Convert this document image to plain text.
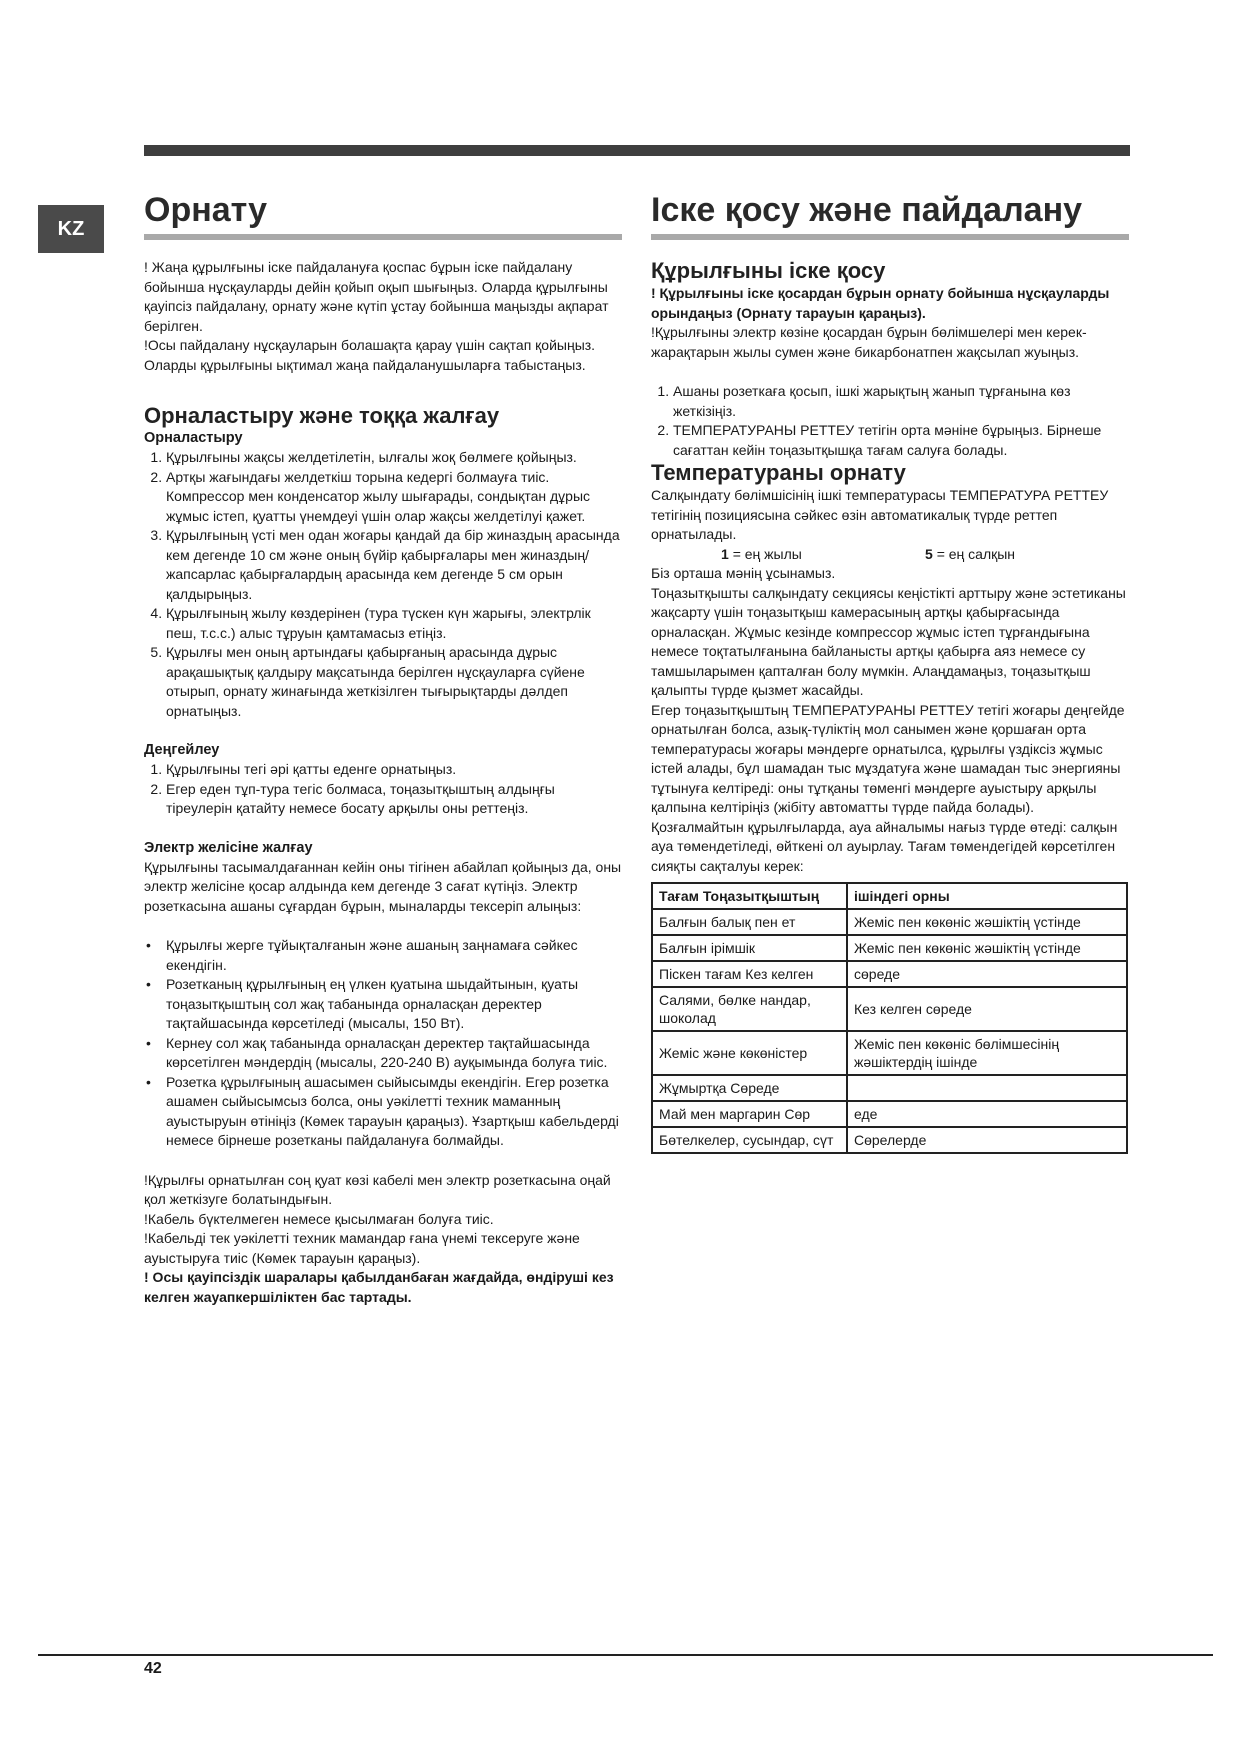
KZ	Орнату

! Жаңа құрылғыны іске пайдалануға қоспас бұрын іске пайдалану бойынша нұсқауларды дейін қойып оқып шығыңыз. Оларда құрылғыны қауіпсіз пайдалану, орнату және күтіп ұстау бойынша маңызды ақпарат берілген.

!Осы пайдалану нұсқауларын болашақта қарау үшін сақтап қойыңыз.

Оларды құрылғыны ықтимал жаңа пайдаланушыларға табыстаңыз.

Орналастыру және тоққа жалғау
Орналастыру
1. Құрылғыны жақсы желдетілетін, ылғалы жоқ бөлмеге қойыңыз.
2. Артқы жағындағы желдеткіш торына кедергі болмауға тиіс. Компрессор мен конденсатор жылу шығарады, сондықтан дұрыс жұмыс істеп, қуатты үнемдеуі үшін олар жақсы желдетілуі қажет.
3. Құрылғының үсті мен одан жоғары қандай да бір жиназдың арасында кем дегенде 10 см және оның бүйір қабырғалары мен жиназдың/жапсарлас қабырғалардың арасында кем дегенде 5 см орын қалдырыңыз.
4. Құрылғының жылу көздерінен (тура түскен күн жарығы, электрлік пеш, т.с.с.) алыс тұруын қамтамасыз етіңіз.
5. Құрылғы мен оның артындағы қабырғаның арасында дұрыс арақашықтық қалдыру мақсатында берілген нұсқауларға сүйене отырып, орнату жинағында жеткізілген тығырықтарды дәлдеп орнатыңыз.
Деңгейлеу
1. Құрылғыны тегі әрі қатты еденге орнатыңыз.
2. Егер еден тұп-тура тегіс болмаса, тоңазытқыштың алдыңғы тіреулерін қатайту немесе босату арқылы оны реттеңіз.
Электр желісіне жалғау

Құрылғыны тасымалдағаннан кейін оны тігінен абайлап қойыңыз да, оны электр желісіне қосар алдында кем дегенде 3 сағат күтіңіз. Электр розеткасына ашаны сұғардан бұрын, мыналарды тексеріп алыңыз:

• Құрылғы жерге тұйықталғанын және ашаның заңнамаға сәйкес екендігін.
• Розетканың құрылғының ең үлкен қуатына шыдайтынын, қуаты тоңазытқыштың сол жақ табанында орналасқан деректер тақтайшасында көрсетіледі (мысалы, 150 Вт).
• Кернеу сол жақ табанында орналасқан деректер тақтайшасында көрсетілген мәндердің (мысалы, 220-240 В) ауқымында болуға тиіс.
• Розетка құрылғының ашасымен сыйысымды екендігін. Егер розетка ашамен сыйысымсыз болса, оны уәкілетті техник маманның ауыстыруын өтініңіз (Көмек тарауын қараңыз). Ұзартқыш кабельдерді немесе бірнеше розетканы пайдалануға болмайды.

!Құрылғы орнатылған соң қуат көзі кабелі мен электр розеткасына оңай қол жеткізуге болатындығын.

!Кабель бүктелмеген немесе қысылмаған болуға тиіс.

!Кабельді тек уәкілетті техник мамандар ғана үнемі тексеруге және ауыстыруға тиіс (Көмек тарауын қараңыз).

! Осы қауіпсіздік шаралары қабылданбаған жағдайда, өндіруші кез келген жауапкершіліктен бас тартады.

Іске қосу және пайдалану
Құрылғыны іске қосу

! Құрылғыны іске қосардан бұрын орнату бойынша нұсқауларды орындаңыз (Орнату тарауын қараңыз).

!Құрылғыны электр көзіне қосардан бұрын бөлімшелері мен керек-жарақтарын жылы сумен және бикарбонатпен жақсылап жуыңыз.

1. Ашаны розеткаға қосып, ішкі жарықтың жанып тұрғанына көз жеткізіңіз.
2. ТЕМПЕРАТУРАНЫ РЕТТЕУ тетігін орта мәніне бұрыңыз. Бірнеше сағаттан кейін тоңазытқышқа тағам салуға болады.
Температураны орнату

Салқындату бөлімшісінің ішкі температурасы ТЕМПЕРАТУРА РЕТТЕУ тетігінің позициясына сәйкес өзін автоматикалық түрде реттеп орнатылады.

1 = ең жылы	5 = ең салқын

Біз орташа мәнің ұсынамыз.

Тоңазытқышты салқындату секциясы кеңістікті арттыру және эстетиканы жақсарту үшін тоңазытқыш камерасының артқы қабырғасында орналасқан. Жұмыс кезінде компрессор жұмыс істеп тұрғандығына немесе тоқтатылғанына байланысты артқы қабырға аяз немесе су тамшыларымен қапталған болу мүмкін. Алаңдамаңыз, тоңазытқыш қалыпты түрде қызмет жасайды.

Егер тоңазытқыштың ТЕМПЕРАТУРАНЫ РЕТТЕУ тетігі жоғары деңгейде орнатылған болса, азық-түліктің мол санымен және қоршаған орта температурасы жоғары мәндерге орнатылса, құрылғы үздіксіз жұмыс істей алады, бұл шамадан тыс мұздатуға және шамадан тыс энергияны тұтынуға келтіреді: оны тұтқаны төменгі мәндерге ауыстыру арқылы қалпына келтіріңіз (жібіту автоматты түрде пайда болады). Қозғалмайтын құрылғыларда, ауа айналымы нағыз түрде өтеді: салқын ауа төмендетіледі, өйткені ол ауырлау. Тағам төмендегідей көрсетілген сияқты сақталуы керек:

Тағам Тоңазытқыштың	ішіндегі орны
Балғын балық пен ет	Жеміс пен көкөніс жәшіктің үстінде
Балғын ірімшік	Жеміс пен көкөніс жәшіктің үстінде
Піскен тағам Кез келген	сөреде
Салями, бөлке нандар, шоколад	Кез келген сөреде
Жеміс және көкөністер	Жеміс пен көкөніс бөлімшесінің жәшіктердің ішінде
Жұмыртқа Сөреде	
Май мен маргарин Сөр	еде
Бөтелкелер, сусындар, сүт	Сөрелерде
42
